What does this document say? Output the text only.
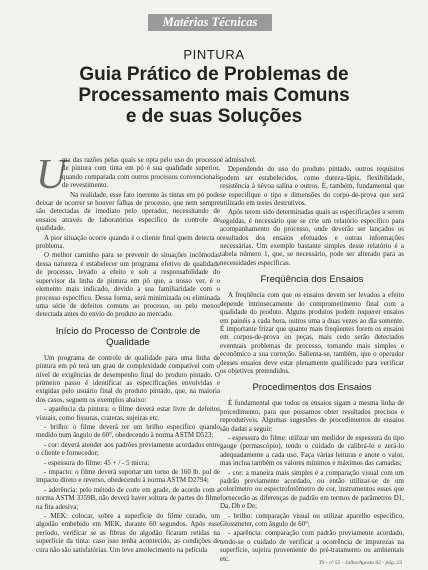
Matérias Técnicas
PINTURA
Guia Prático de Problemas de
Processamento mais Comuns
e de suas Soluções
U

ma das razões pelas quais se opta pelo uso do processo de pintura com tinta em pó é sua qualidade superior, quando comparada com outros processos convencionais de revestimento.

Na realidade, esse fato inerente às tintas em pó pode deixar de ocorrer se houver falhas de processo, que nem sempre são detectadas de imediato pelo operador, necessitando de ensaios através de laboratórios específico de controle de qualidade.

A pior situação ocorre quando é o cliente final quem detecta o problema.

O melhor caminho para se prevenir de situações incômodas dessa natureza é estabelecer um programa efetivo de qualidade de processo, levado a efeito e sob a responsabilidade do supervisor da linha de pintura em pó que, a nosso ver, é o elemento mais indicado, devido a sua familiaridade com o processo específico. Dessa forma, será minimizada ou eliminada uma série de defeitos comuns ao processo, ou pelo menos detectada antes do envio do produto ao mercado.

Início do Processo de Controle de Qualidade

Um programa de controle de qualidade para uma linha de pintura em pó terá um grau de complexidade compatível com o nível de exigências de desempenho final do produto pintado. O primeiro passo é identificar as especificações envolvidas e exigidas pelo usuário final do produto pintado, que, na maioria dos casos, seguem os exemplos abaixo:

- aparência da pintura: o filme deverá estar livre de defeitos visuais, como fissuras, crateras, sujeiras etc.

- brilho: o filme deverá ter um brilho específico quando medido num ângulo de 60°, obedecendo à norma ASTM D523;

- cor: deverá atender aos padrões previamente acordados entre o cliente e fornecedor;

- espessura do filme: 45 + / - 5 micra;

- impacto: o filme deverá suportar um torno de 160 lb. pol de impacto direto e reverso, obedecendo à norma ASTM D2794;

- aderência: pelo método de corte em grade, de acordo com a norma ASTM 3359B, não deverá haver soltura de partes do filme na fita adesiva;

- MEK: colocar, sobre a superfície do filme curado, um algodão embebido em MEK, durante 60 segundos. Após esse período, verificar se as fibras do algodão ficaram retidas na superfície da tinta: caso isso tenha acontecido, as condições de cura não são satisfatórias. Um leve amolecimento na película

é admissível.

Dependendo do uso do produto pintado, outros requisitos podem ser estabelecidos, como dureza-lápis, flexibilidade, resistência à névoa salina e outros. É, também, fundamental que se especifique o tipo e dimensões do corpo-de-prova que será utilizado em testes destrutivos.

Após terem sido determinadas quais as especificações a serem seguidas, é necessário que se crie um relatório específico para acompanhamento do processo, onde deverão ser lançados os resultados dos ensaios efetuados e outras informações necessárias. Um exemplo bastante simples desse relatório é a tabela número 1, que, se necessário, pode ser alterado para as necessidades específicas.

Freqüência dos Ensaios

A freqüência com que os ensaios devem ser levados a efeito depende intrinsecamente do comprometimento final com a qualidade do produto. Alguns produtos podem requerer ensaios em painéis a cada hora, outros uma a duas vezes ao dia somente. É importante frizar que quanto mais freqüentes forem os ensaios em corpos-de-prova ou peças, mais cedo serão detectados eventuais problemas de processo, tornando mais simples e econômico a sua correção. Salienta-se, também, que o operador desses ensaios deve estar plenamente qualificado para verificar os objetivos pretendidos.

Procedimentos dos Ensaios

É fundamental que todos os ensaios sigam a mesma linha de procedimento, para que possamos obter resultados precisos e reprodutíveis. Algumas sugestões de procedimentos de ensaios são dadas a seguir:

- espessura do filme: utilizar um medidor de espessura do tipo gauge (permascópio), tendo o cuidado de calibrá-lo e zerá-lo adequadamente a cada uso. Faça várias leituras e anote o valor, mas inclua também os valores mínimos e máximos das camadas;

- cor: a maneira mais simples é a comparação visual com um padrão previamente acordado, ou então utilizar-se de um colorímetro ou espectrofotômetro de cor, instrumentos esses que fornecerão as diferenças de padrão em termos de parâmetros D1, Da, Db e De;

- brilho: comparação visual ou utilizar aparelho específico, Glossmeter, com ângulo de 60°;

- aparência: comparação com padrão previamente acordado, tendo-se o cuidado de verificar a ocorrência de impurezas na superfície, sujeira proveniente do pré-tratamento ou ambientais etc.

TS - nº 55 - Julho/Agosto 92 - pág. 23
